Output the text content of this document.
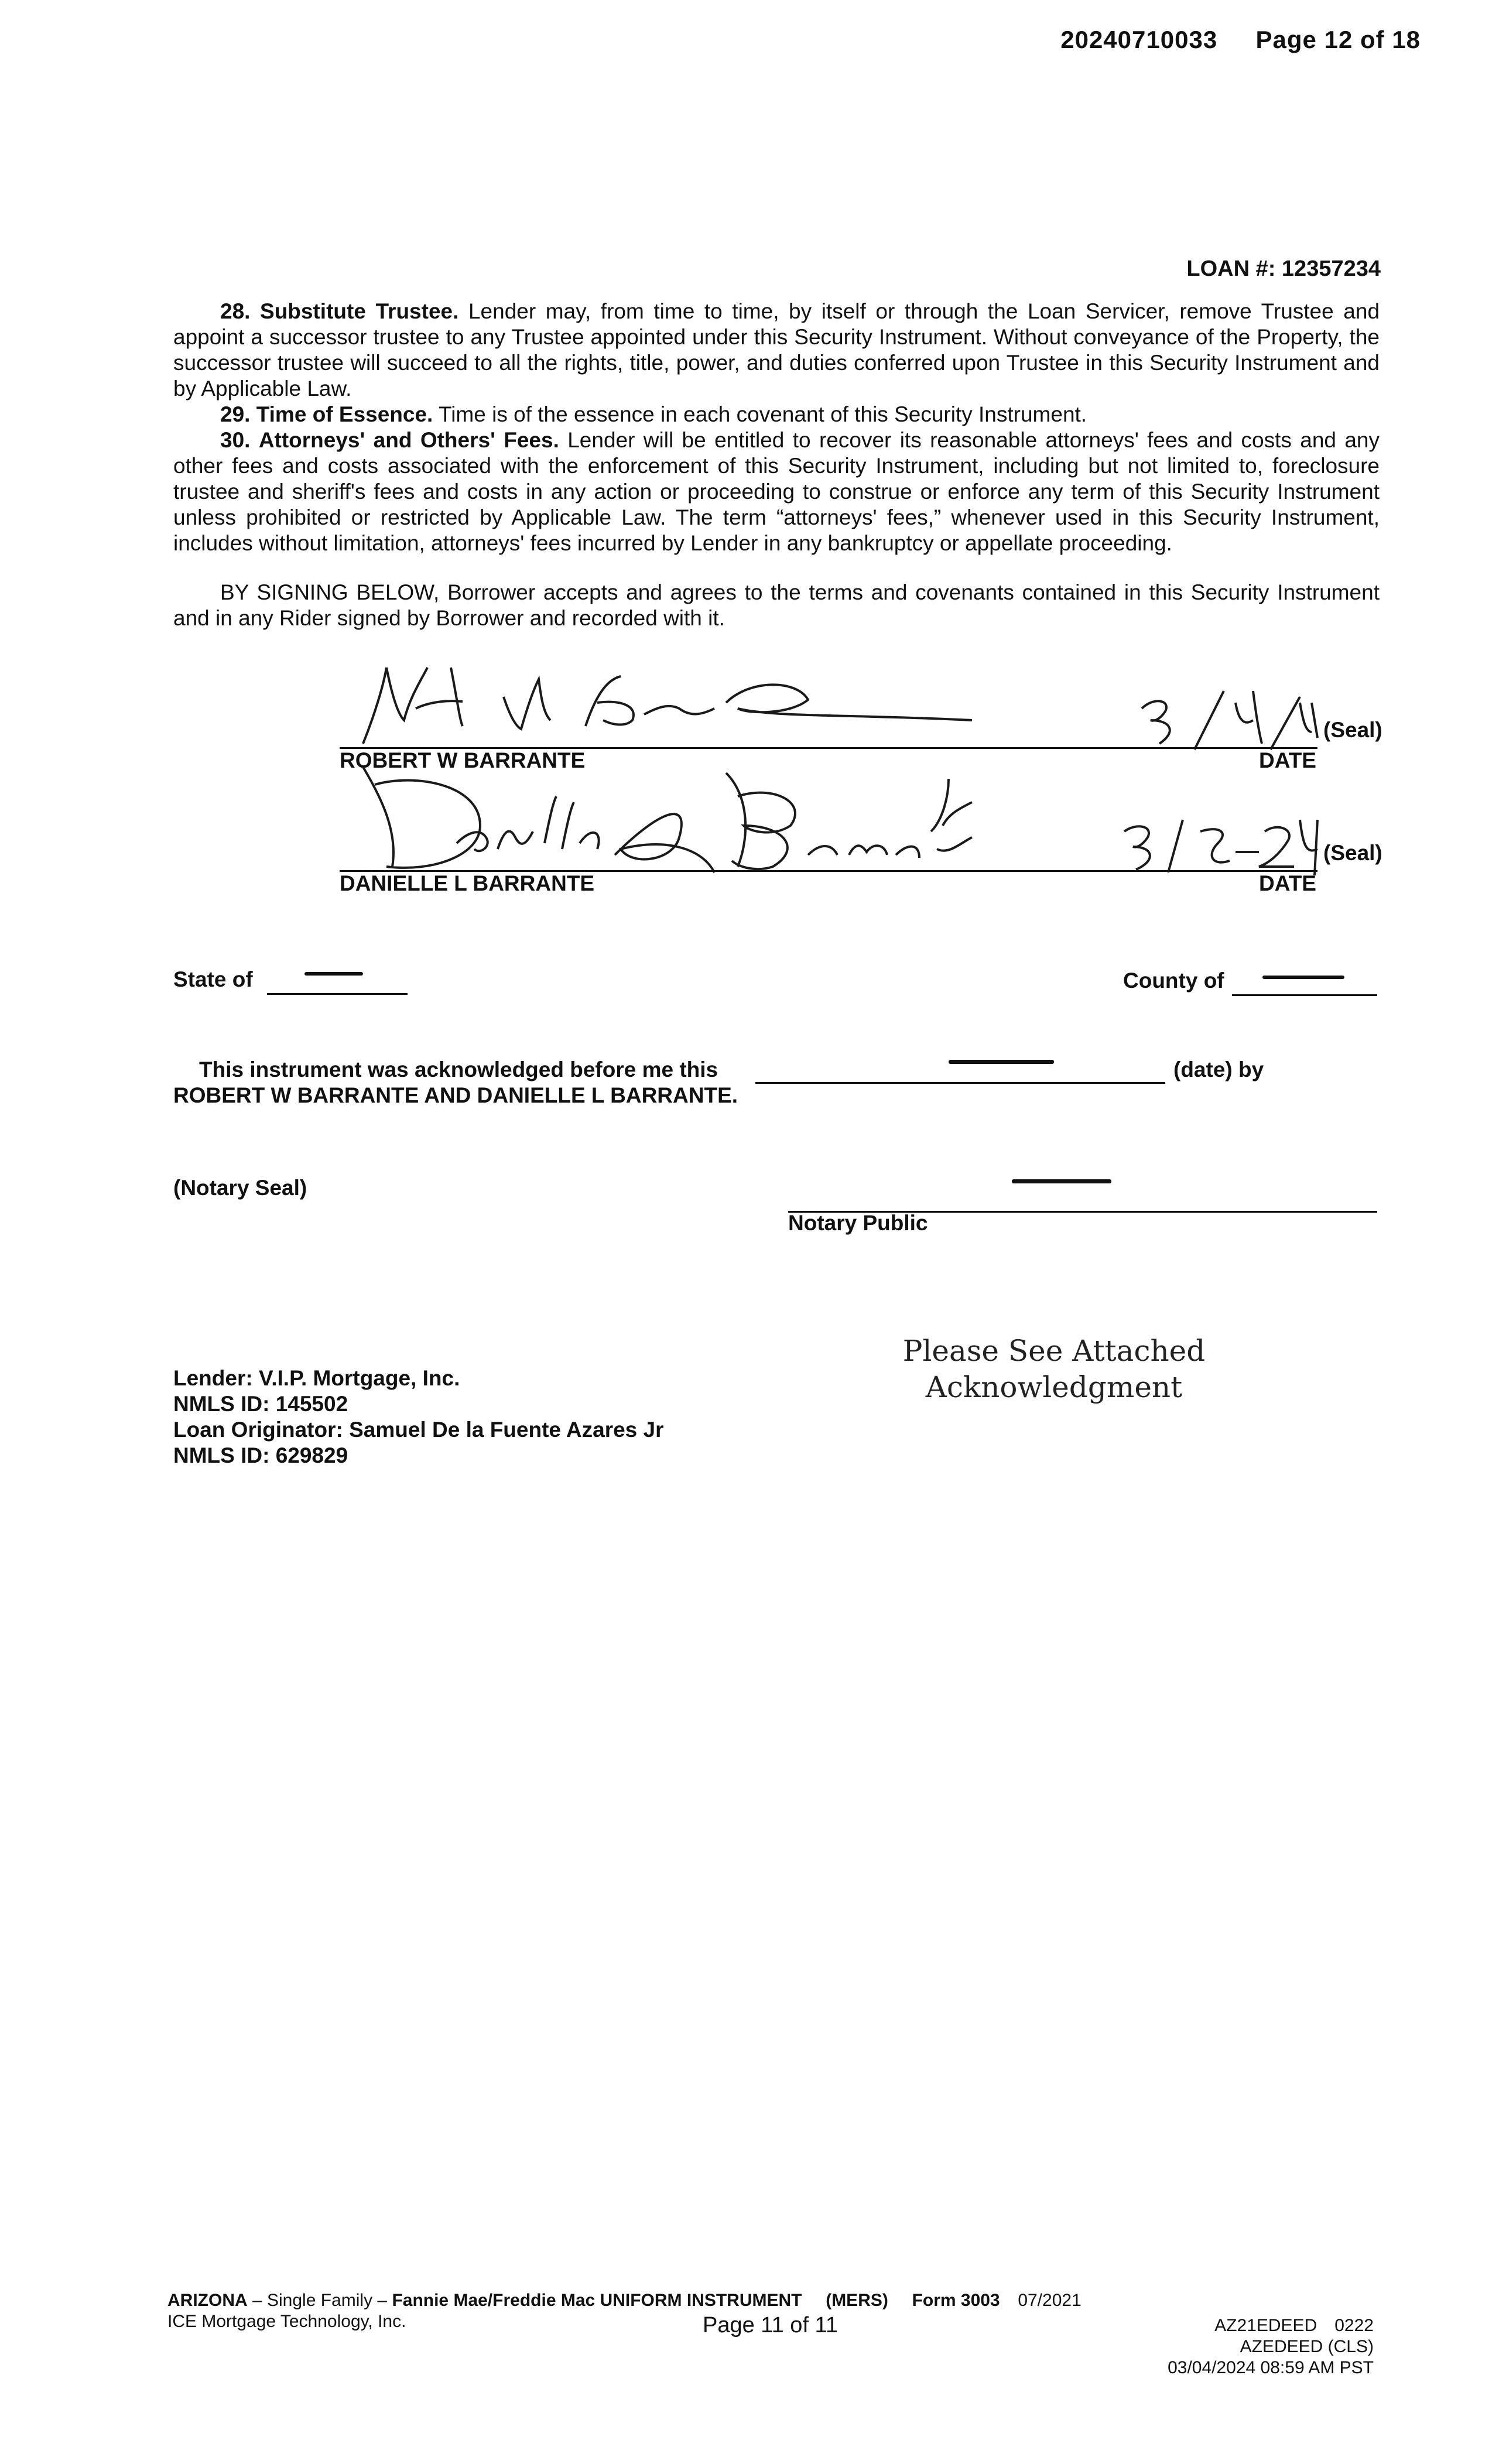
20240710033 Page 12 of 18
LOAN #: 12357234
28. Substitute Trustee. Lender may, from time to time, by itself or through the Loan Servicer, remove Trustee and appoint a successor trustee to any Trustee appointed under this Security Instrument. Without conveyance of the Property, the successor trustee will succeed to all the rights, title, power, and duties conferred upon Trustee in this Security Instrument and by Applicable Law.
29. Time of Essence. Time is of the essence in each covenant of this Security Instrument.
30. Attorneys' and Others' Fees. Lender will be entitled to recover its reasonable attorneys' fees and costs and any other fees and costs associated with the enforcement of this Security Instrument, including but not limited to, foreclosure trustee and sheriff's fees and costs in any action or proceeding to construe or enforce any term of this Security Instrument unless prohibited or restricted by Applicable Law. The term “attorneys' fees,” whenever used in this Security Instrument, includes without limitation, attorneys' fees incurred by Lender in any bankruptcy or appellate proceeding.
BY SIGNING BELOW, Borrower accepts and agrees to the terms and covenants contained in this Security Instrument and in any Rider signed by Borrower and recorded with it.
(Seal)
ROBERT W BARRANTE	DATE
(Seal)
DANIELLE L BARRANTE	DATE
State of	County of
This instrument was acknowledged before me this	(date) by
ROBERT W BARRANTE AND DANIELLE L BARRANTE.
(Notary Seal)
Notary Public
Please See Attached
Acknowledgment
Lender: V.I.P. Mortgage, Inc.
NMLS ID: 145502
Loan Originator: Samuel De la Fuente Azares Jr
NMLS ID: 629829
ARIZONA – Single Family – Fannie Mae/Freddie Mac UNIFORM INSTRUMENT (MERS) Form 3003 07/2021
ICE Mortgage Technology, Inc.	Page 11 of 11	AZ21EDEED 0222
AZEDEED (CLS)
03/04/2024 08:59 AM PST
